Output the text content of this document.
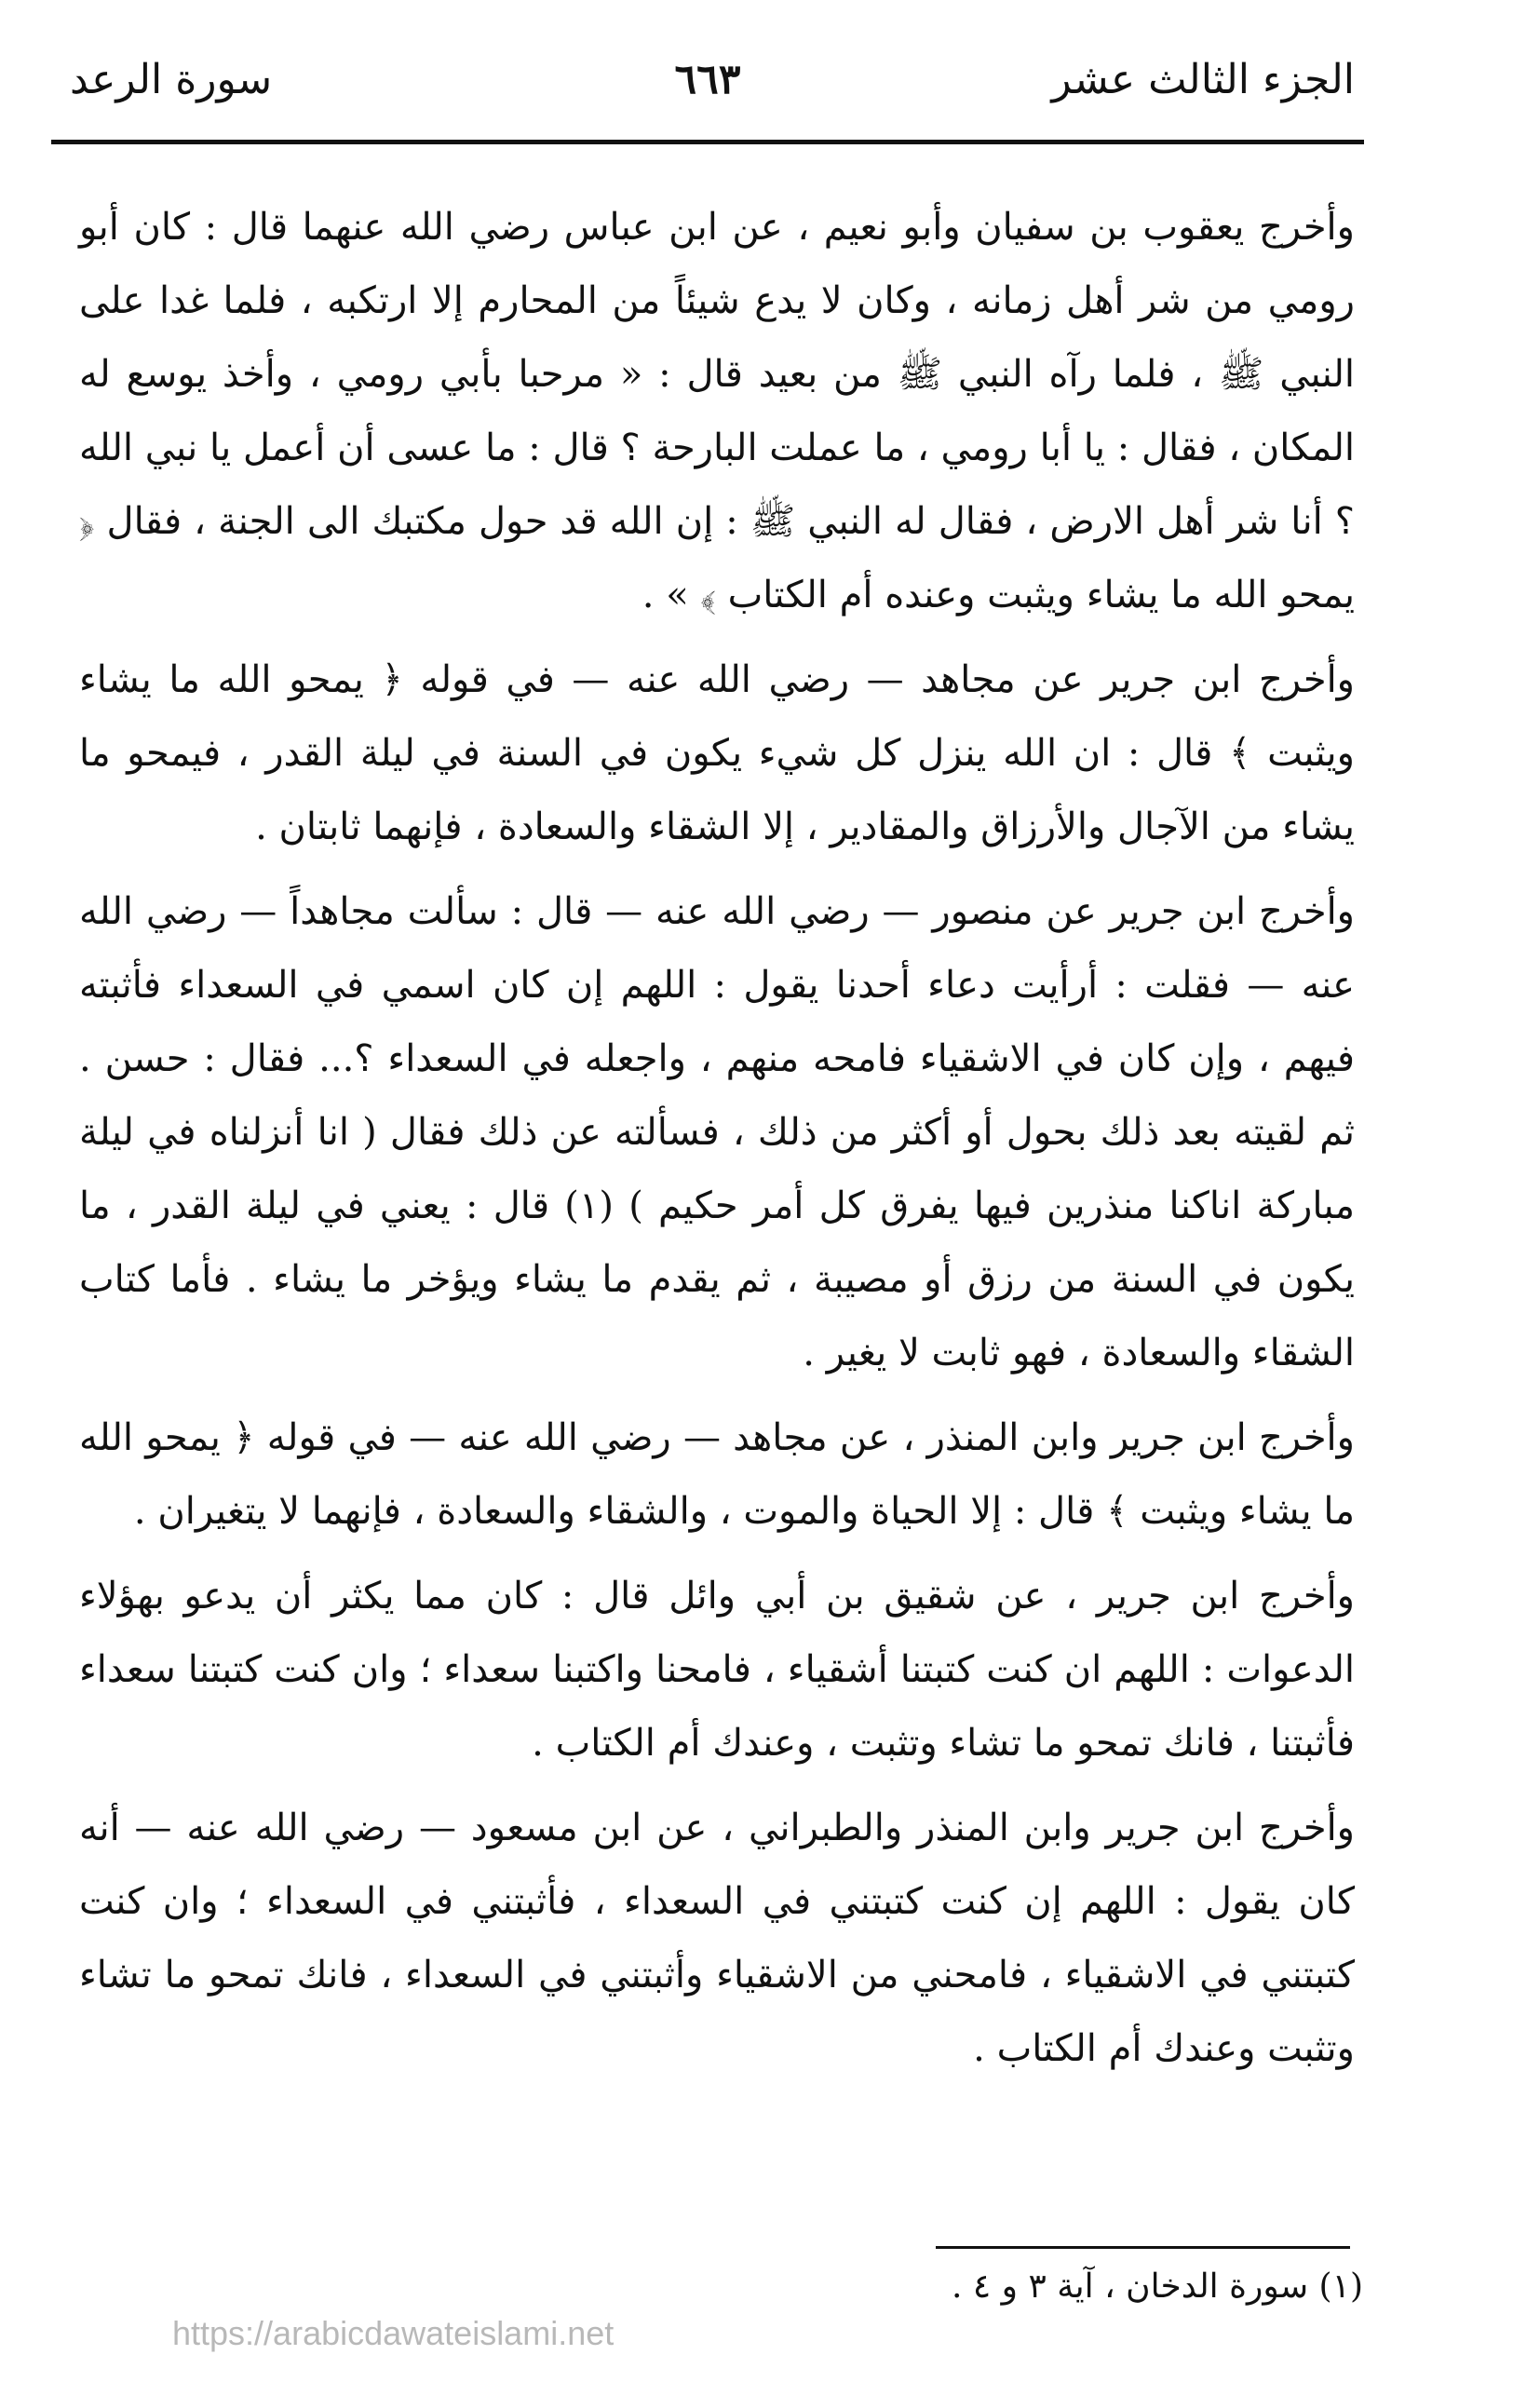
الجزء الثالث عشر
٦٦٣
سورة الرعد

وأخرج يعقوب بن سفيان وأبو نعيم ، عن ابن عباس رضي الله عنهما قال : كان أبو رومي من شر أهل زمانه ، وكان لا يدع شيئاً من المحارم إلا ارتكبه ، فلما غدا على النبي ﷺ ، فلما رآه النبي ﷺ من بعيد قال : « مرحبا بأبي رومي ، وأخذ يوسع له المكان ، فقال : يا أبا رومي ، ما عملت البارحة ؟ قال : ما عسى أن أعمل يا نبي الله ؟ أنا شر أهل الارض ، فقال له النبي ﷺ : إن الله قد حول مكتبك الى الجنة ، فقال ﴿ يمحو الله ما يشاء ويثبت وعنده أم الكتاب ﴾ » .

وأخرج ابن جرير عن مجاهد — رضي الله عنه — في قوله ﴿ يمحو الله ما يشاء ويثبت ﴾ قال : ان الله ينزل كل شيء يكون في السنة في ليلة القدر ، فيمحو ما يشاء من الآجال والأرزاق والمقادير ، إلا الشقاء والسعادة ، فإنهما ثابتان .

وأخرج ابن جرير عن منصور — رضي الله عنه — قال : سألت مجاهداً — رضي الله عنه — فقلت : أرأيت دعاء أحدنا يقول : اللهم إن كان اسمي في السعداء فأثبته فيهم ، وإن كان في الاشقياء فامحه منهم ، واجعله في السعداء ؟... فقال : حسن . ثم لقيته بعد ذلك بحول أو أكثر من ذلك ، فسألته عن ذلك فقال ( انا أنزلناه في ليلة مباركة اناكنا منذرين فيها يفرق كل أمر حكيم ) (١) قال : يعني في ليلة القدر ، ما يكون في السنة من رزق أو مصيبة ، ثم يقدم ما يشاء ويؤخر ما يشاء . فأما كتاب الشقاء والسعادة ، فهو ثابت لا يغير .

وأخرج ابن جرير وابن المنذر ، عن مجاهد — رضي الله عنه — في قوله ﴿ يمحو الله ما يشاء ويثبت ﴾ قال : إلا الحياة والموت ، والشقاء والسعادة ، فإنهما لا يتغيران .

وأخرج ابن جرير ، عن شقيق بن أبي وائل قال : كان مما يكثر أن يدعو بهؤلاء الدعوات : اللهم ان كنت كتبتنا أشقياء ، فامحنا واكتبنا سعداء ؛ وان كنت كتبتنا سعداء فأثبتنا ، فانك تمحو ما تشاء وتثبت ، وعندك أم الكتاب .

وأخرج ابن جرير وابن المنذر والطبراني ، عن ابن مسعود — رضي الله عنه — أنه كان يقول : اللهم إن كنت كتبتني في السعداء ، فأثبتني في السعداء ؛ وان كنت كتبتني في الاشقياء ، فامحني من الاشقياء وأثبتني في السعداء ، فانك تمحو ما تشاء وتثبت وعندك أم الكتاب .

(١) سورة الدخان ، آية ٣ و ٤ .
https://arabicdawateislami.net
